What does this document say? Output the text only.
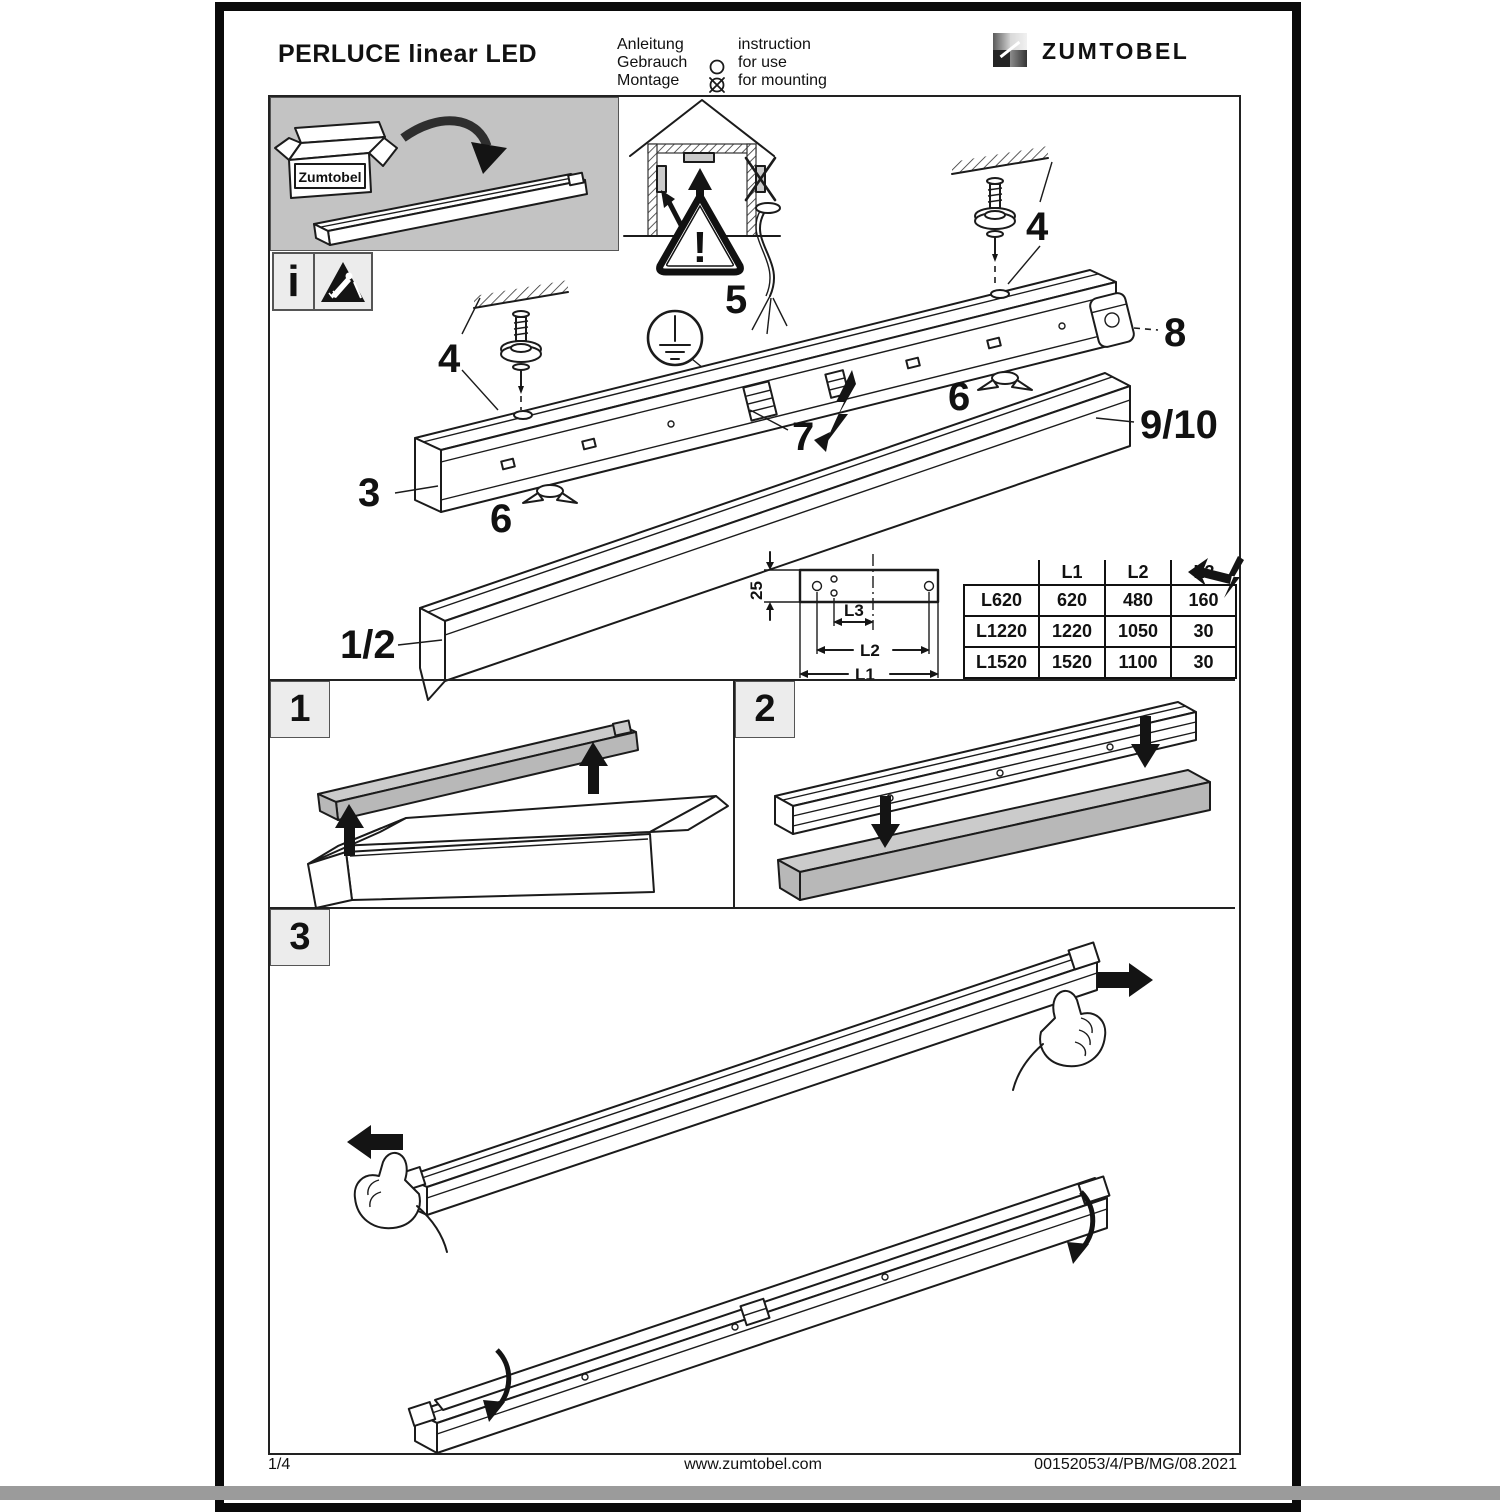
PERLUCE linear LED	Anleitung
Gebrauch
Montage
instruction
for use
for mounting
ZUMTOBEL
Zumtobel
i
!	4
4
5
3
6
6
7
8
9/10
1/2
25
L3
L2
L1
	L1	L2	
L620	620	480	160
L1220	1220	1050	30
L1520	1520	1100	30
1	2
3
1/4	www.zumtobel.com	00152053/4/PB/MG/08.2021
